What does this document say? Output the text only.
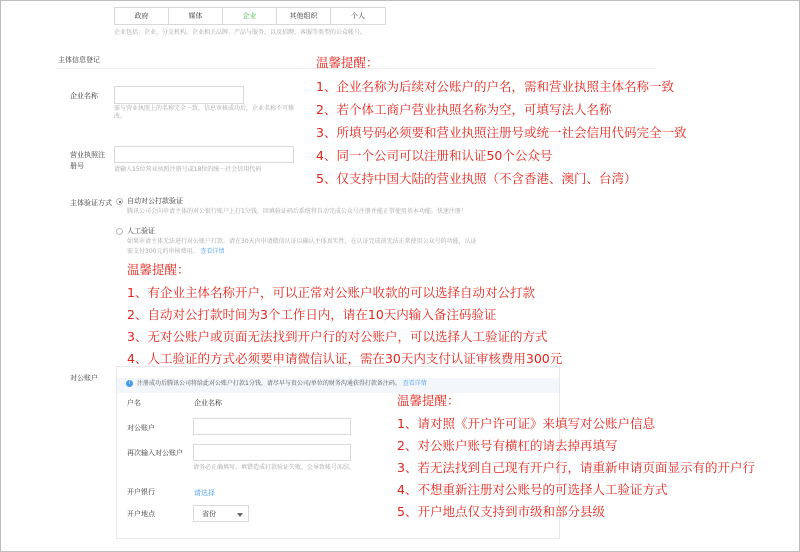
政府	媒体	企业	其他组织	个人
企业包括：企业，分支机构，企业相关品牌，产品与服务，以及招聘，客服等类型的公众帐号。
主体信息登记
企业名称
需与营业执照上的名称完全一致，信息审核成功后，企业名称不可修改。
营业执照注册号	请输入15位营业执照注册号或18位的统一社会信用代码
主体验证方式 自动对公打款验证
腾讯公司会向申请主体的对公银行账户上打1分钱，回填验证码后系统将自动完成公众号注册并能正常使用基本功能。快速注册！
人工验证
如果申请主体无法进行对公账户打款，请在30天内申请微信认证以确认主体真实性，在认证完成前无法正常使用公众号的功能，认证
需支付300元的审核费用。 查看详情
对公账户
i	注册成功后腾讯公司将给此对公账户打款1分钱，请尽早与贵公司/单位的财务沟通获得打款备注码。 查看详情
户名	企业名称
对公账户
再次输入对公账户
请务必正确填写，填错造成打款验证失败，会导致帐号冻结。
开户银行	请选择
开户地点	省份
温馨提醒：
1、企业名称为后续对公账户的户名，需和营业执照主体名称一致
2、若个体工商户营业执照名称为空，可填写法人名称
3、所填号码必须要和营业执照注册号或统一社会信用代码完全一致
4、同一个公司可以注册和认证50个公众号
5、仅支持中国大陆的营业执照（不含香港、澳门、台湾）
温馨提醒：
1、有企业主体名称开户，可以正常对公账户收款的可以选择自动对公打款
2、自动对公打款时间为3个工作日内，请在10天内输入备注码验证
3、无对公账户或页面无法找到开户行的对公账户，可以选择人工验证的方式
4、人工验证的方式必须要申请微信认证，需在30天内支付认证审核费用300元
温馨提醒：
1、请对照《开户许可证》来填写对公账户信息
2、对公账户账号有横杠的请去掉再填写
3、若无法找到自己现有开户行，请重新申请页面显示有的开户行
4、不想重新注册对公账号的可选择人工验证方式
5、开户地点仅支持到市级和部分县级
